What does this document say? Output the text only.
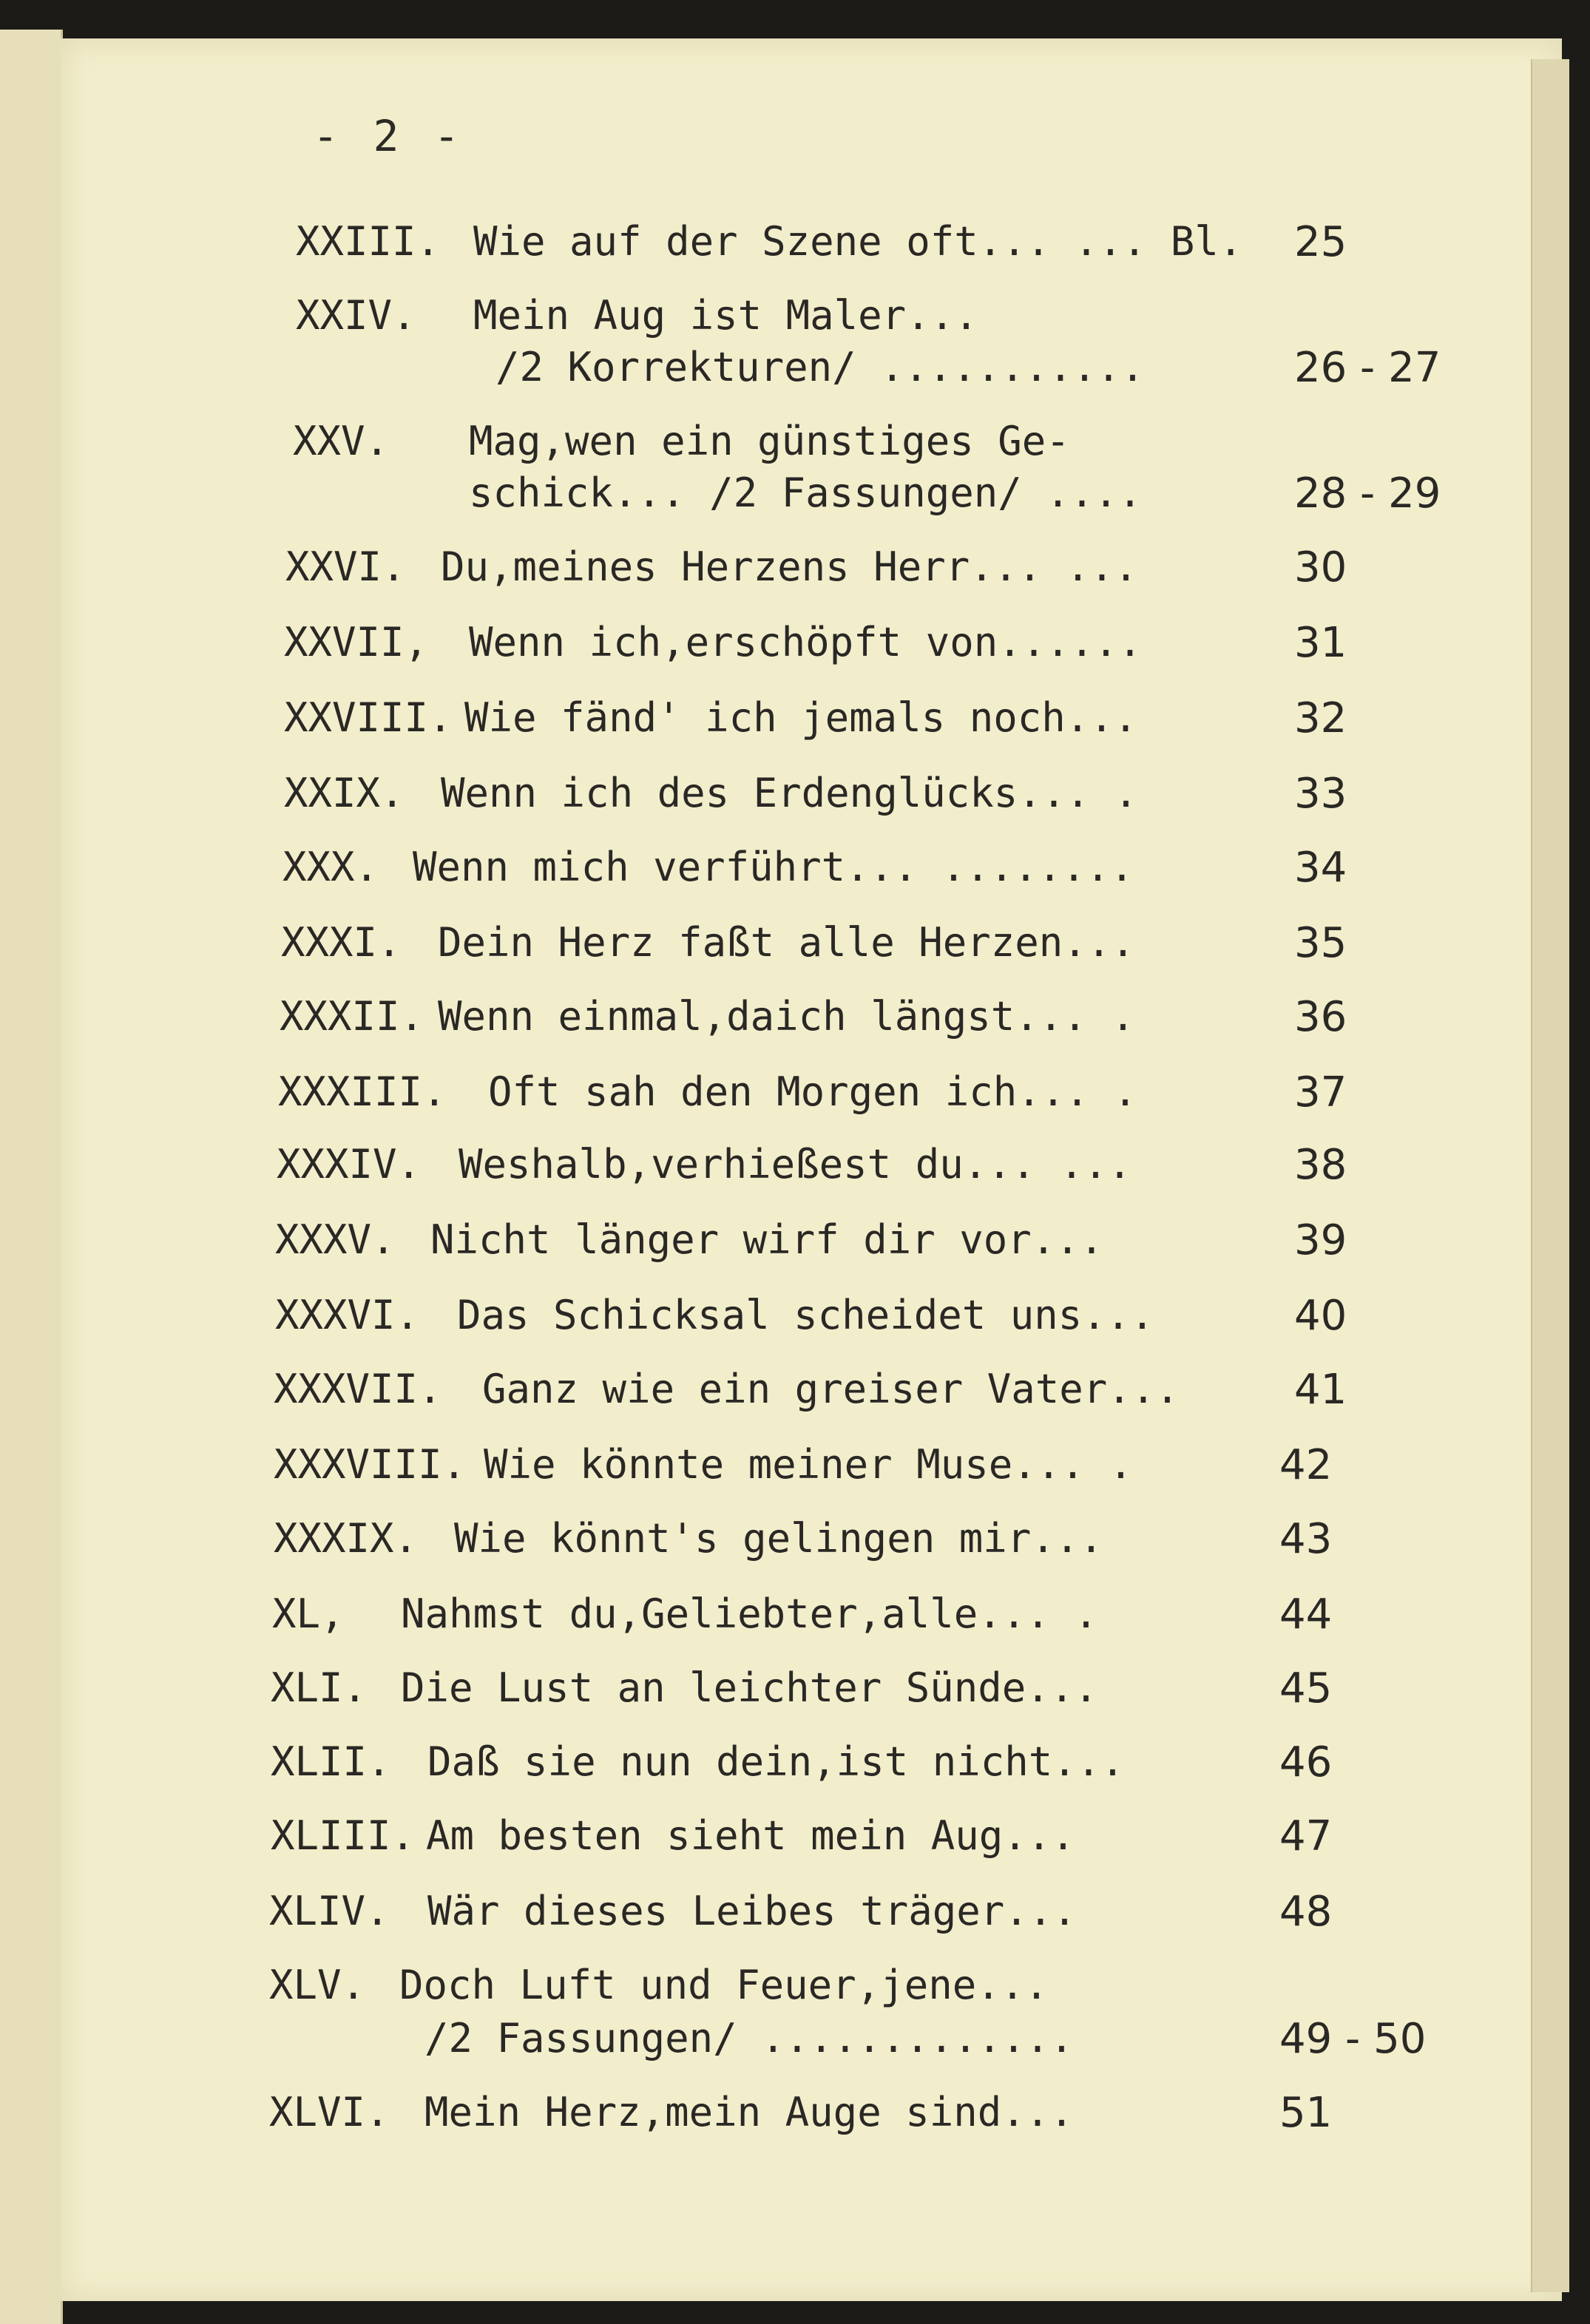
- 2 -
XXIII. Wie auf der Szene oft... ... Bl. 25
XXIV. Mein Aug ist Maler...
/2 Korrekturen/ ...........	26 - 27
XXV. Mag,wen ein günstiges Ge-
schick... /2 Fassungen/ ....	28 - 29
XXVI. Du,meines Herzens Herr... ...	30
XXVII, Wenn ich,erschöpft von......	31
XXVIII. Wie fänd' ich jemals noch...	32
XXIX. Wenn ich des Erdenglücks... .	33
XXX. Wenn mich verführt... ........	34
XXXI. Dein Herz faßt alle Herzen...	35
XXXII. Wenn einmal,daich längst... .	36
XXXIII. Oft sah den Morgen ich... .	37
XXXIV. Weshalb,verhießest du... ...	38
XXXV. Nicht länger wirf dir vor...	39
XXXVI. Das Schicksal scheidet uns...	40
XXXVII. Ganz wie ein greiser Vater...	41
XXXVIII. Wie könnte meiner Muse... .	42
XXXIX. Wie könnt's gelingen mir...	43
XL, Nahmst du,Geliebter,alle... .	44
XLI. Die Lust an leichter Sünde...	45
XLII. Daß sie nun dein,ist nicht...	46
XLIII. Am besten sieht mein Aug...	47
XLIV. Wär dieses Leibes träger...	48
XLV. Doch Luft und Feuer,jene...
/2 Fassungen/ .............	49 - 50
XLVI. Mein Herz,mein Auge sind...	51
